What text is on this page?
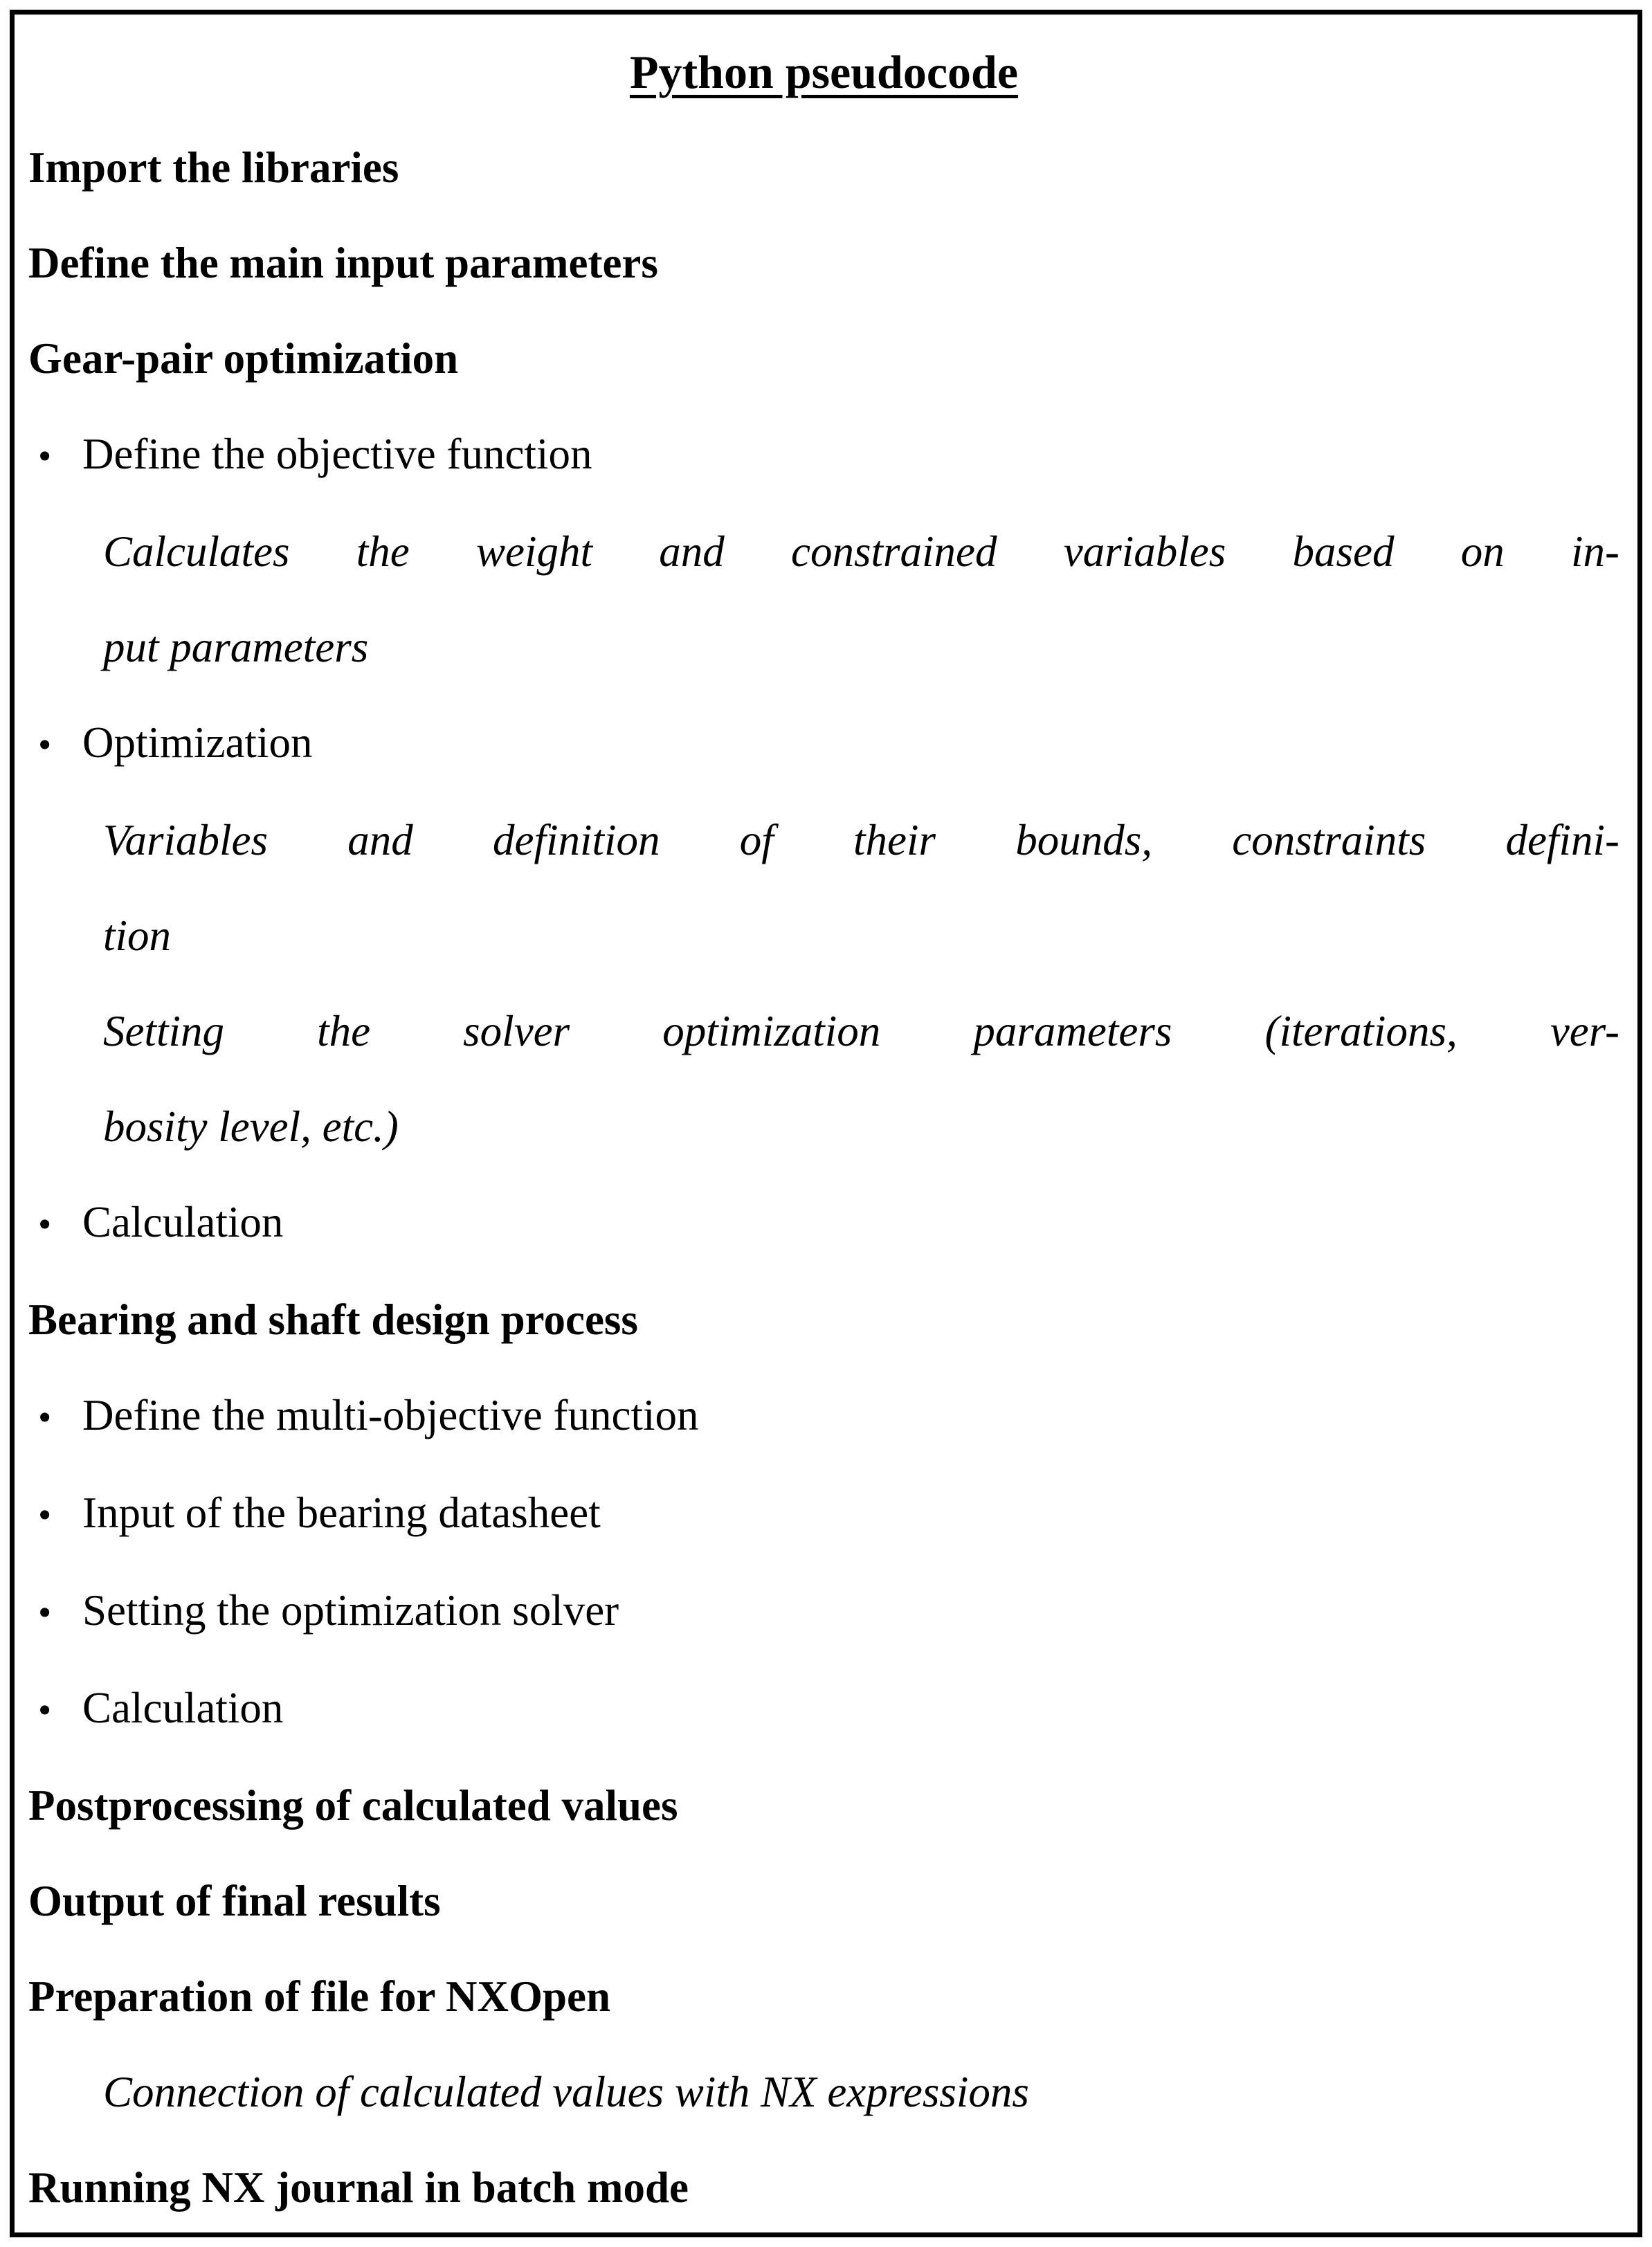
Python pseudocode
Import the libraries
Define the main input parameters
Gear-pair optimization
• Define the objective function
Calculates the weight and constrained variables based on in-
put parameters
• Optimization
Variables and definition of their bounds, constraints defini-
tion
Setting the solver optimization parameters (iterations, ver-
bosity level, etc.)
• Calculation
Bearing and shaft design process
• Define the multi-objective function
• Input of the bearing datasheet
• Setting the optimization solver
• Calculation
Postprocessing of calculated values
Output of final results
Preparation of file for NXOpen
Connection of calculated values with NX expressions
Running NX journal in batch mode
